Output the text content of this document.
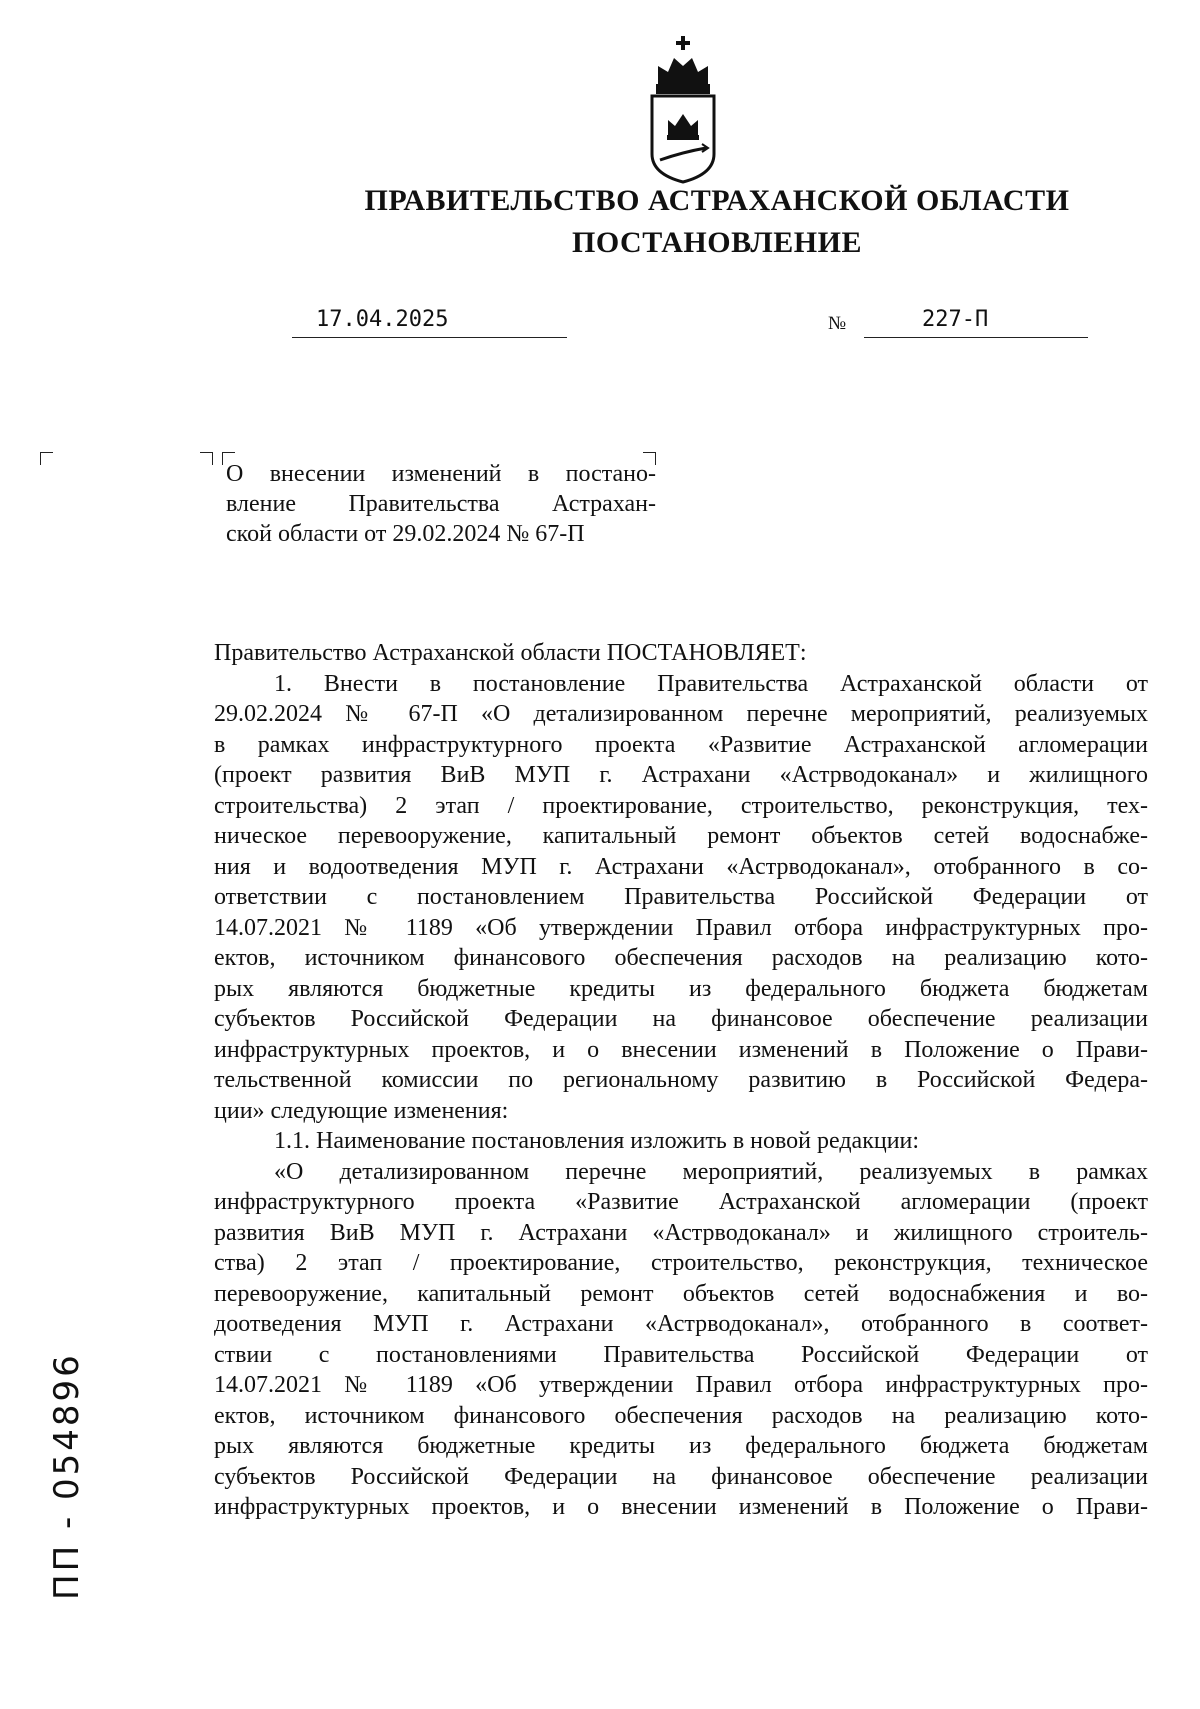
ПРАВИТЕЛЬСТВО АСТРАХАНСКОЙ ОБЛАСТИ
ПОСТАНОВЛЕНИЕ
17.04.2025	№	227-П
О внесении изменений в постано-
вление Правительства Астрахан-
ской области от 29.02.2024 № 67-П
Правительство Астраханской области ПОСТАНОВЛЯЕТ:
1. Внести в постановление Правительства Астраханской области от
29.02.2024 № 67-П «О детализированном перечне мероприятий, реализуемых
в рамках инфраструктурного проекта «Развитие Астраханской агломерации
(проект развития ВиВ МУП г. Астрахани «Астрводоканал» и жилищного
строительства) 2 этап / проектирование, строительство, реконструкция, тех-
ническое перевооружение, капитальный ремонт объектов сетей водоснабже-
ния и водоотведения МУП г. Астрахани «Астрводоканал», отобранного в со-
ответствии с постановлением Правительства Российской Федерации от
14.07.2021 № 1189 «Об утверждении Правил отбора инфраструктурных про-
ектов, источником финансового обеспечения расходов на реализацию кото-
рых являются бюджетные кредиты из федерального бюджета бюджетам
субъектов Российской Федерации на финансовое обеспечение реализации
инфраструктурных проектов, и о внесении изменений в Положение о Прави-
тельственной комиссии по региональному развитию в Российской Федера-
ции» следующие изменения:
1.1. Наименование постановления изложить в новой редакции:
«О детализированном перечне мероприятий, реализуемых в рамках
инфраструктурного проекта «Развитие Астраханской агломерации (проект
развития ВиВ МУП г. Астрахани «Астрводоканал» и жилищного строитель-
ства) 2 этап / проектирование, строительство, реконструкция, техническое
перевооружение, капитальный ремонт объектов сетей водоснабжения и во-
доотведения МУП г. Астрахани «Астрводоканал», отобранного в соответ-
ствии с постановлениями Правительства Российской Федерации от
14.07.2021 № 1189 «Об утверждении Правил отбора инфраструктурных про-
ектов, источником финансового обеспечения расходов на реализацию кото-
рых являются бюджетные кредиты из федерального бюджета бюджетам
субъектов Российской Федерации на финансовое обеспечение реализации
инфраструктурных проектов, и о внесении изменений в Положение о Прави-
ПП - 054896
